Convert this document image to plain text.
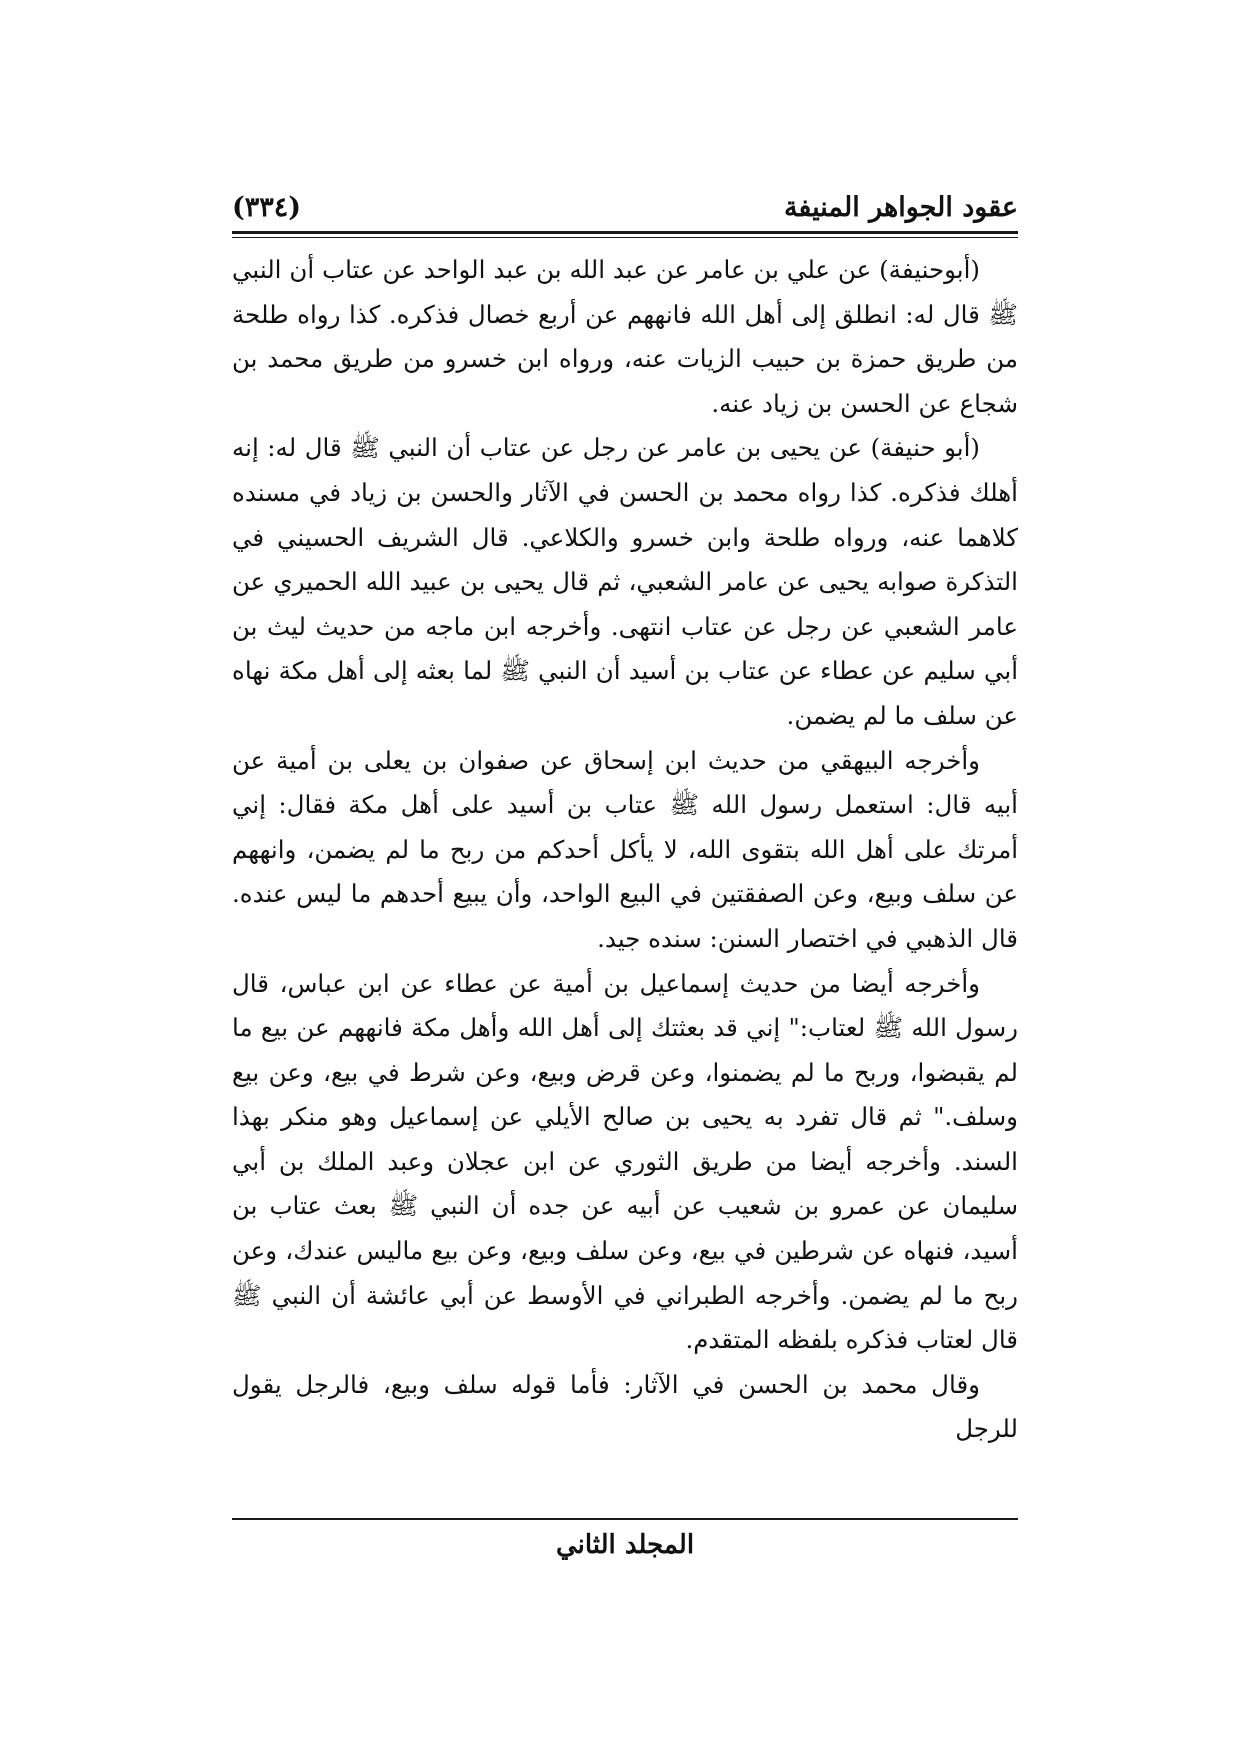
عقود الجواهر المنيفة
(٣٣٤)

(أبوحنيفة) عن علي بن عامر عن عبد الله بن عبد الواحد عن عتاب أن النبي ﷺ قال له: انطلق إلى أهل الله فانههم عن أربع خصال فذكره. كذا رواه طلحة من طريق حمزة بن حبيب الزيات عنه، ورواه ابن خسرو من طريق محمد بن شجاع عن الحسن بن زياد عنه.

(أبو حنيفة) عن يحيى بن عامر عن رجل عن عتاب أن النبي ﷺ قال له: إنه أهلك فذكره. كذا رواه محمد بن الحسن في الآثار والحسن بن زياد في مسنده كلاهما عنه، ورواه طلحة وابن خسرو والكلاعي. قال الشريف الحسيني في التذكرة صوابه يحيى عن عامر الشعبي، ثم قال يحيى بن عبيد الله الحميري عن عامر الشعبي عن رجل عن عتاب انتهى. وأخرجه ابن ماجه من حديث ليث بن أبي سليم عن عطاء عن عتاب بن أسيد أن النبي ﷺ لما بعثه إلى أهل مكة نهاه عن سلف ما لم يضمن.

وأخرجه البيهقي من حديث ابن إسحاق عن صفوان بن يعلى بن أمية عن أبيه قال: استعمل رسول الله ﷺ عتاب بن أسيد على أهل مكة فقال: إني أمرتك على أهل الله بتقوى الله، لا يأكل أحدكم من ربح ما لم يضمن، وانههم عن سلف وبيع، وعن الصفقتين في البيع الواحد، وأن يبيع أحدهم ما ليس عنده. قال الذهبي في اختصار السنن: سنده جيد.

وأخرجه أيضا من حديث إسماعيل بن أمية عن عطاء عن ابن عباس، قال رسول الله ﷺ لعتاب:" إني قد بعثتك إلى أهل الله وأهل مكة فانههم عن بيع ما لم يقبضوا، وربح ما لم يضمنوا، وعن قرض وبيع، وعن شرط في بيع، وعن بيع وسلف." ثم قال تفرد به يحيى بن صالح الأيلي عن إسماعيل وهو منكر بهذا السند. وأخرجه أيضا من طريق الثوري عن ابن عجلان وعبد الملك بن أبي سليمان عن عمرو بن شعيب عن أبيه عن جده أن النبي ﷺ بعث عتاب بن أسيد، فنهاه عن شرطين في بيع، وعن سلف وبيع، وعن بيع ماليس عندك، وعن ربح ما لم يضمن. وأخرجه الطبراني في الأوسط عن أبي عائشة أن النبي ﷺ قال لعتاب فذكره بلفظه المتقدم.

وقال محمد بن الحسن في الآثار: فأما قوله سلف وبيع، فالرجل يقول للرجل

المجلد الثاني
